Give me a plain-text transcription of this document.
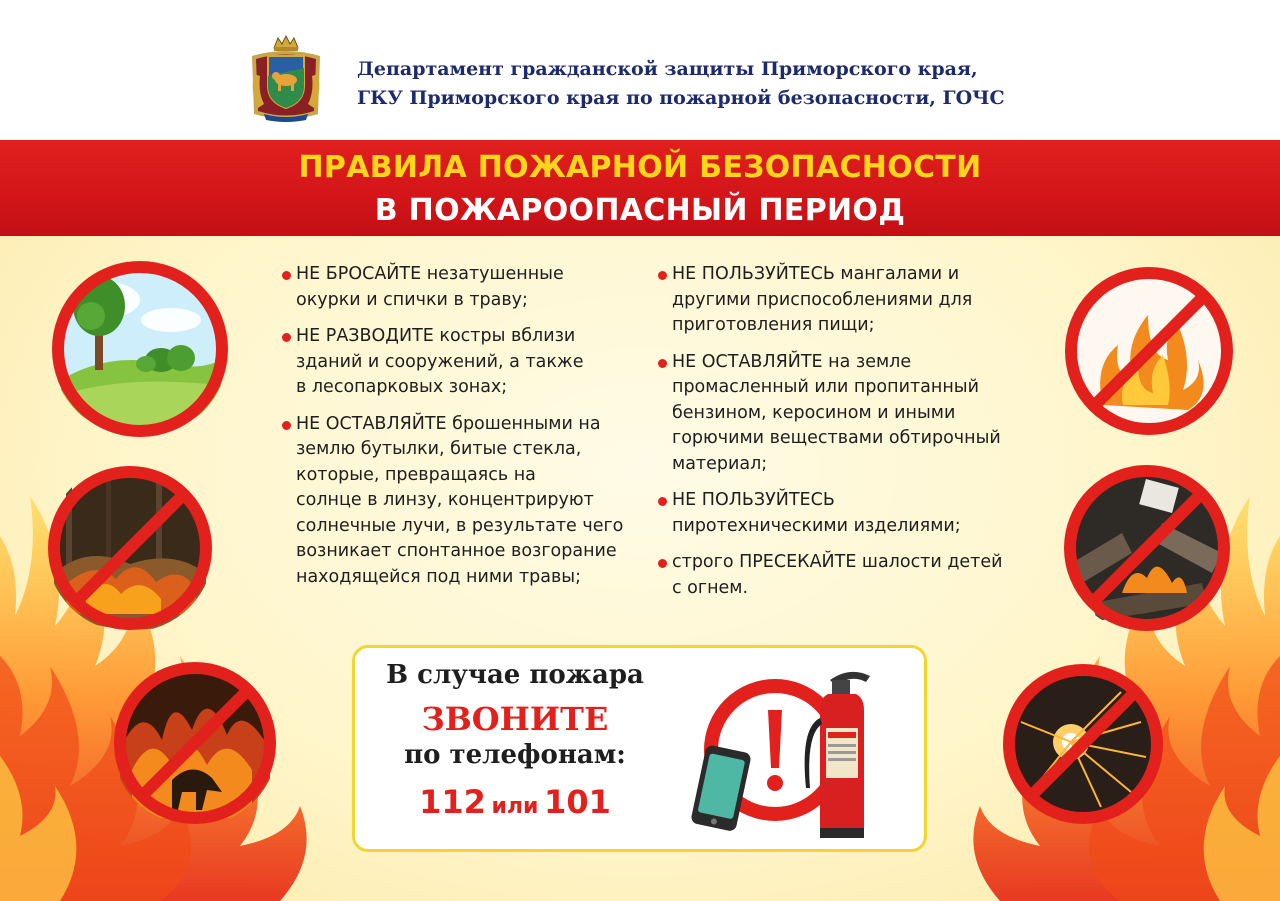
Департамент гражданской защиты Приморского края,
ГКУ Приморского края по пожарной безопасности, ГОЧС
ПРАВИЛА ПОЖАРНОЙ БЕЗОПАСНОСТИ
В ПОЖАРООПАСНЫЙ ПЕРИОД
НЕ БРОСАЙТЕ незатушенные
окурки и спички в траву;
НЕ РАЗВОДИТЕ костры вблизи
зданий и сооружений, а также
в лесопарковых зонах;
НЕ ОСТАВЛЯЙТЕ брошенными на
землю бутылки, битые стекла,
которые, превращаясь на
солнце в линзу, концентрируют
солнечные лучи, в результате чего
возникает спонтанное возгорание
находящейся под ними травы;
НЕ ПОЛЬЗУЙТЕСЬ мангалами и
другими приспособлениями для
приготовления пищи;
НЕ ОСТАВЛЯЙТЕ на земле
промасленный или пропитанный
бензином, керосином и иными
горючими веществами обтирочный
материал;
НЕ ПОЛЬЗУЙТЕСЬ
пиротехническими изделиями;
строго ПРЕСЕКАЙТЕ шалости детей
с огнем.
В случае пожара
ЗВОНИТЕ
по телефонам:
112 или 101
